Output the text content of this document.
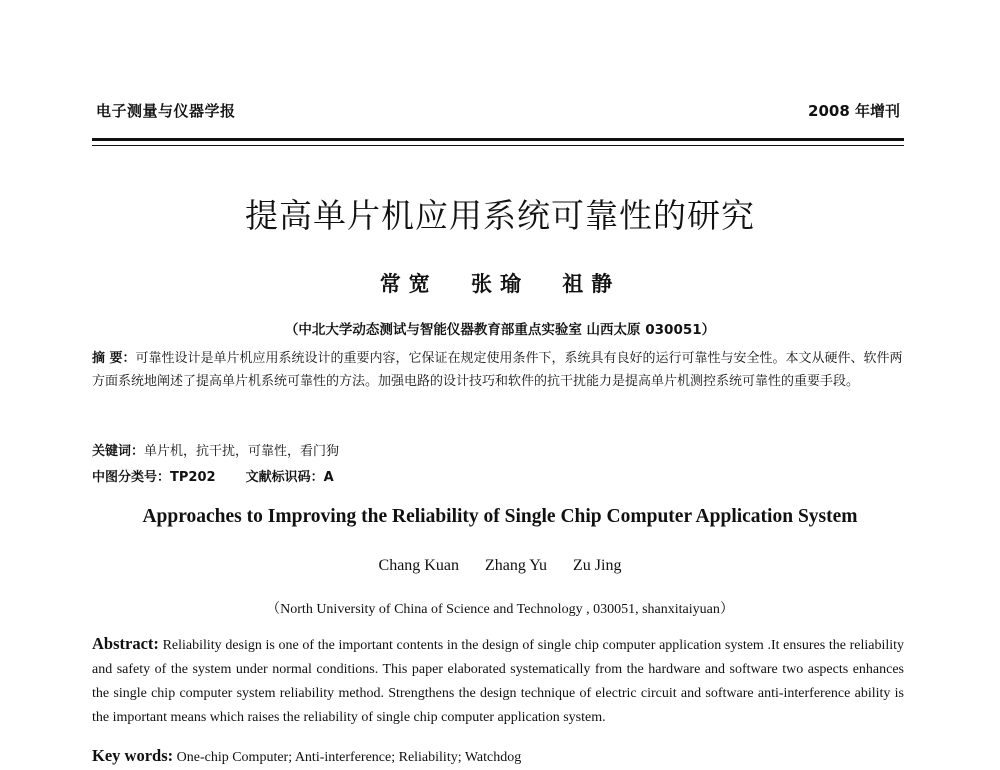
电子测量与仪器学报	2008 年增刊
提高单片机应用系统可靠性的研究
常宽 张瑜 祖静
（中北大学动态测试与智能仪器教育部重点实验室 山西太原 030051）
摘 要：可靠性设计是单片机应用系统设计的重要内容，它保证在规定使用条件下，系统具有良好的运行可靠性与安全性。本文从硬件、软件两方面系统地阐述了提高单片机系统可靠性的方法。加强电路的设计技巧和软件的抗干扰能力是提高单片机测控系统可靠性的重要手段。
关键词：单片机，抗干扰，可靠性，看门狗
中图分类号：TP202 文献标识码：A
Approaches to Improving the Reliability of Single Chip Computer Application System
Chang Kuan Zhang Yu Zu Jing
（North University of China of Science and Technology , 030051, shanxitaiyuan）
Abstract: Reliability design is one of the important contents in the design of single chip computer application system .It ensures the reliability and safety of the system under normal conditions. This paper elaborated systematically from the hardware and software two aspects enhances the single chip computer system reliability method. Strengthens the design technique of electric circuit and software anti-interference ability is the important means which raises the reliability of single chip computer application system.
Key words: One-chip Computer; Anti-interference; Reliability; Watchdog
